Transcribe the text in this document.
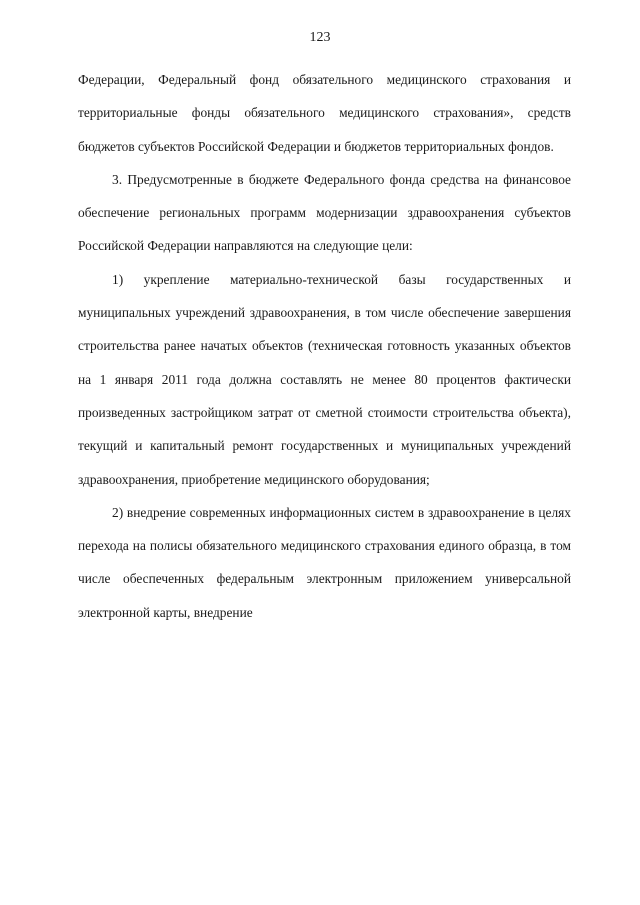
123

Федерации, Федеральный фонд обязательного медицинского страхования и территориальные фонды обязательного медицинского страхования», средств бюджетов субъектов Российской Федерации и бюджетов территориальных фондов.

3. Предусмотренные в бюджете Федерального фонда средства на финансовое обеспечение региональных программ модернизации здравоохранения субъектов Российской Федерации направляются на следующие цели:

1) укрепление материально-технической базы государственных и муниципальных учреждений здравоохранения, в том числе обеспечение завершения строительства ранее начатых объектов (техническая готовность указанных объектов на 1 января 2011 года должна составлять не менее 80 процентов фактически произведенных застройщиком затрат от сметной стоимости строительства объекта), текущий и капитальный ремонт государственных и муниципальных учреждений здравоохранения, приобретение медицинского оборудования;

2) внедрение современных информационных систем в здравоохранение в целях перехода на полисы обязательного медицинского страхования единого образца, в том числе обеспеченных федеральным электронным приложением универсальной электронной карты, внедрение
